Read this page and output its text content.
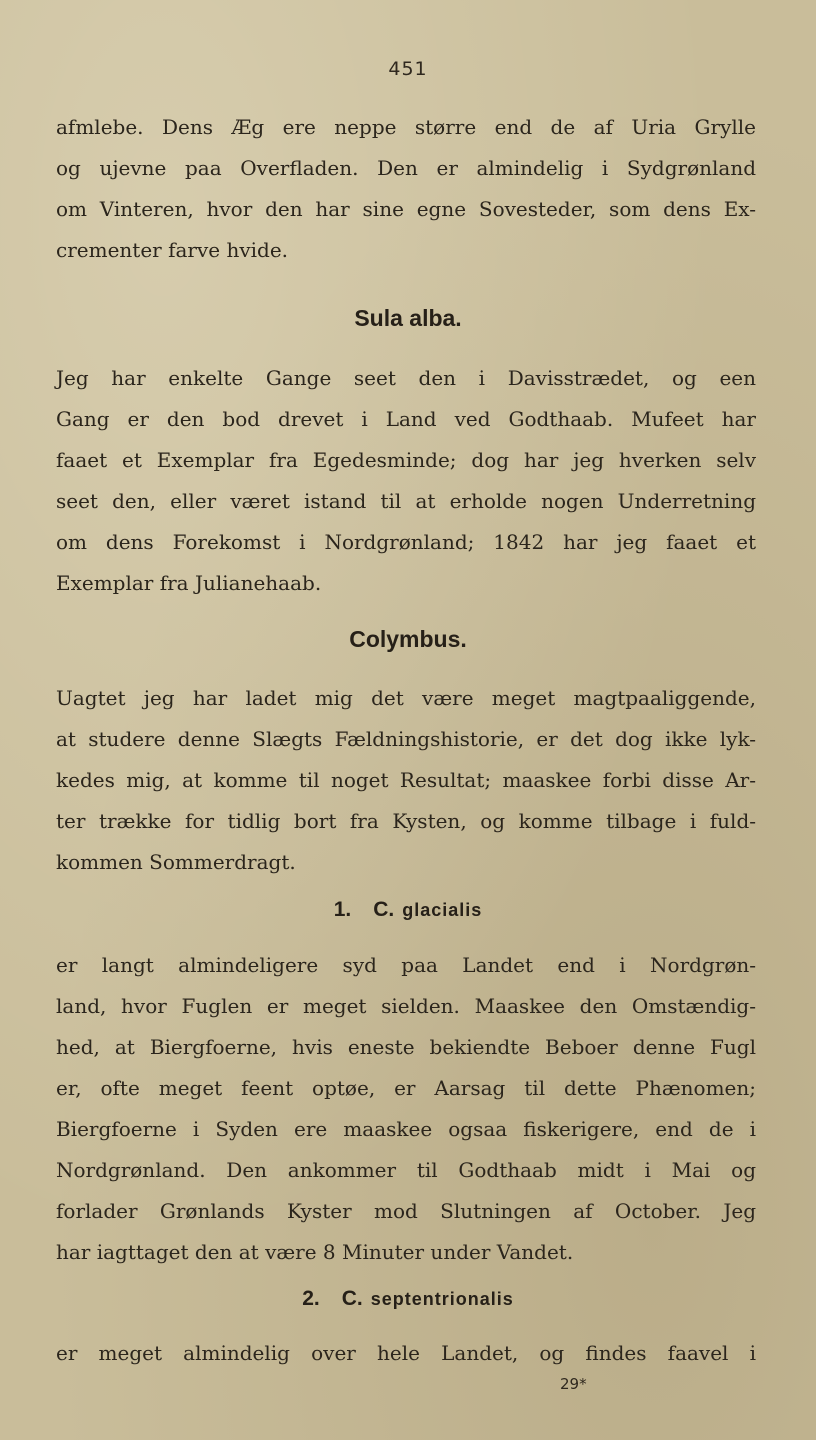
451
afmlebe. Dens Æg ere neppe større end de af Uria Grylle
og ujevne paa Overfladen. Den er almindelig i Sydgrønland
om Vinteren, hvor den har sine egne Sovesteder, som dens Ex-
crementer farve hvide.
Sula alba.
Jeg har enkelte Gange seet den i Davisstrædet, og een
Gang er den bod drevet i Land ved Godthaab. Mufeet har
faaet et Exemplar fra Egedesminde; dog har jeg hverken selv
seet den, eller været istand til at erholde nogen Underretning
om dens Forekomst i Nordgrønland; 1842 har jeg faaet et
Exemplar fra Julianehaab.
Colymbus.
Uagtet jeg har ladet mig det være meget magtpaaliggende,
at studere denne Slægts Fældningshistorie, er det dog ikke lyk-
kedes mig, at komme til noget Resultat; maaskee forbi disse Ar-
ter trække for tidlig bort fra Kysten, og komme tilbage i fuld-
kommen Sommerdragt.
1. C. glacialis
er langt almindeligere syd paa Landet end i Nordgrøn-
land, hvor Fuglen er meget sielden. Maaskee den Omstændig-
hed, at Biergfoerne, hvis eneste bekiendte Beboer denne Fugl
er, ofte meget feent optøe, er Aarsag til dette Phænomen;
Biergfoerne i Syden ere maaskee ogsaa fiskerigere, end de i
Nordgrønland. Den ankommer til Godthaab midt i Mai og
forlader Grønlands Kyster mod Slutningen af October. Jeg
har iagttaget den at være 8 Minuter under Vandet.
2. C. septentrionalis
er meget almindelig over hele Landet, og findes faavel i
29*
